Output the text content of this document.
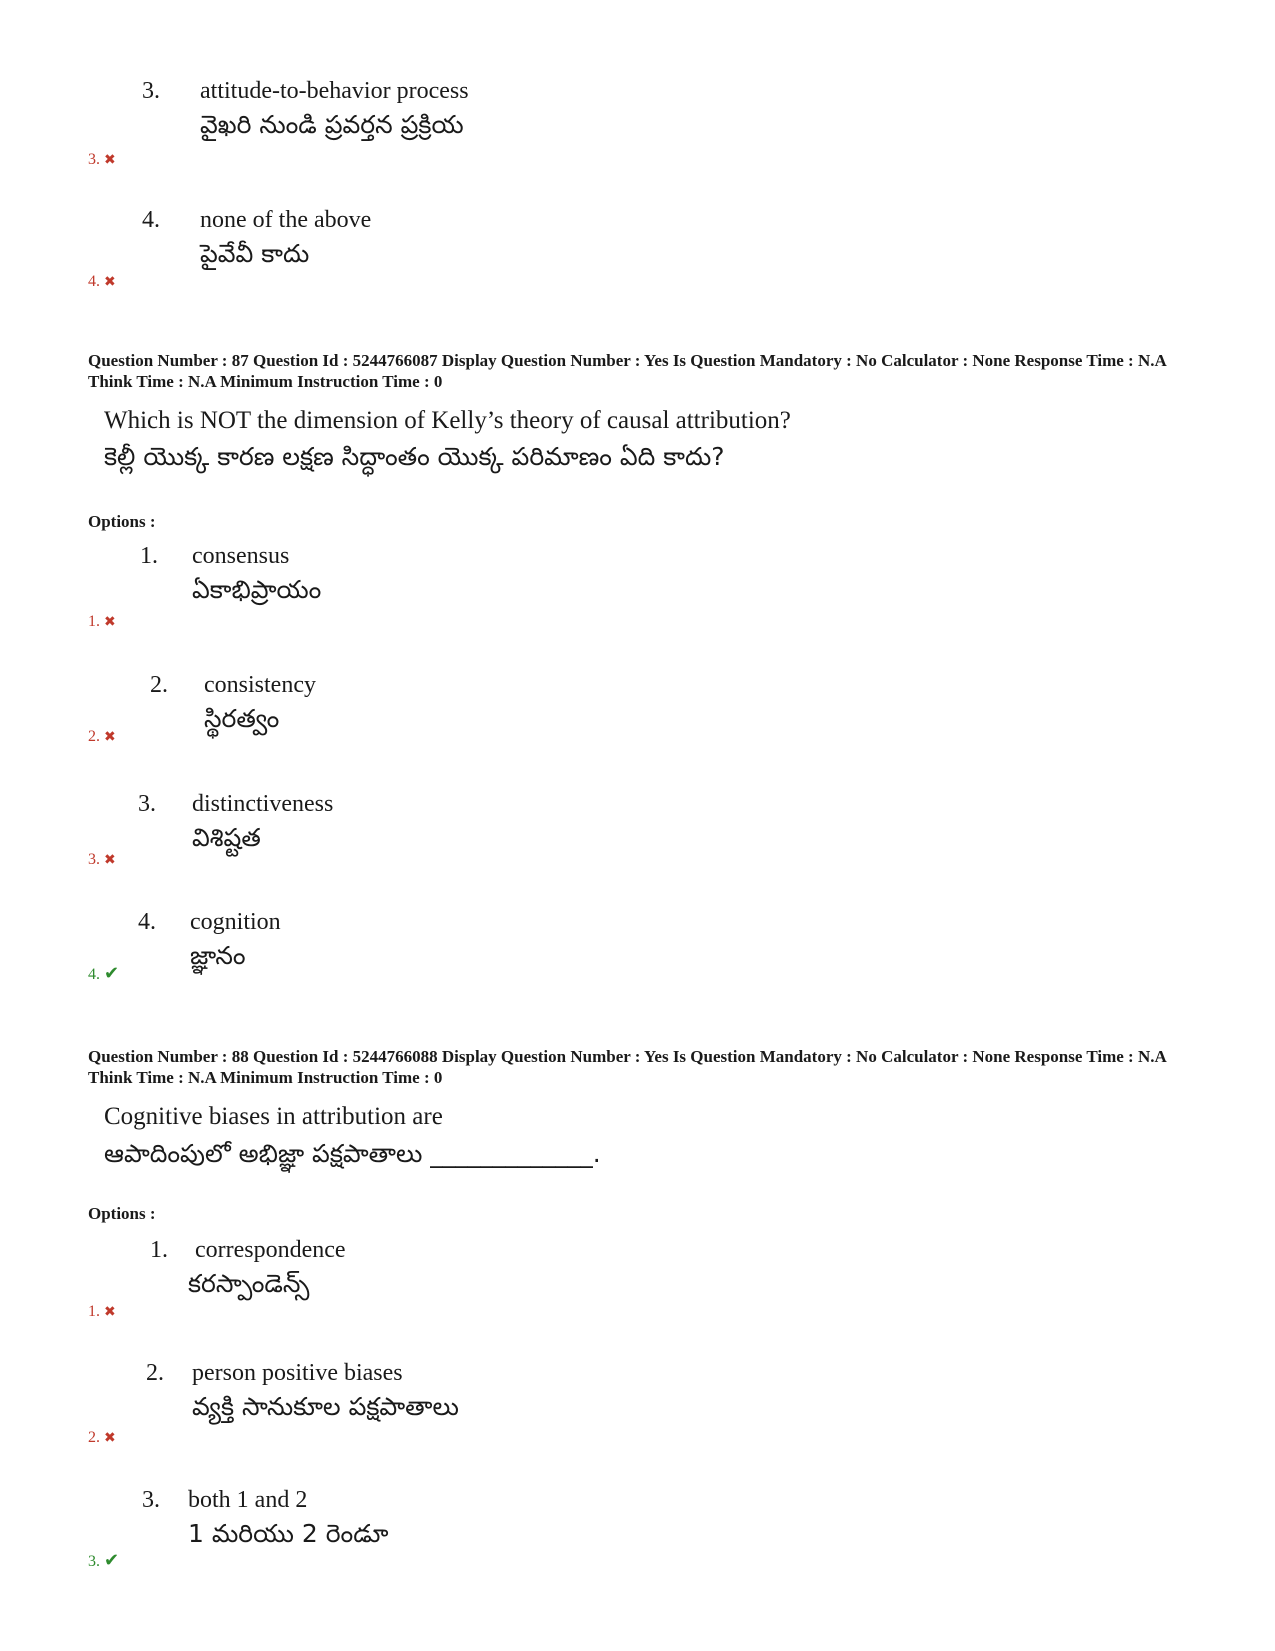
3. attitude-to-behavior process
వైఖరి నుండి ప్రవర్తన ప్రక్రియ
3. ✖
4. none of the above
పైవేవీ కాదు
4. ✖
Question Number : 87 Question Id : 5244766087 Display Question Number : Yes Is Question Mandatory : No Calculator : None Response Time : N.A Think Time : N.A Minimum Instruction Time : 0
Which is NOT the dimension of Kelly’s theory of causal attribution?
కెల్లీ యొక్క కారణ లక్షణ సిద్ధాంతం యొక్క పరిమాణం ఏది కాదు?
Options :
1. consensus
ఏకాభిప్రాయం
1. ✖
2. consistency
స్థిరత్వం
2. ✖
3. distinctiveness
విశిష్టత
3. ✖
4. cognition
జ్ఞానం
4. ✔
Question Number : 88 Question Id : 5244766088 Display Question Number : Yes Is Question Mandatory : No Calculator : None Response Time : N.A Think Time : N.A Minimum Instruction Time : 0
Cognitive biases in attribution are
ఆపాదింపులో అభిజ్ఞా పక్షపాతాలు _____________.
Options :
1. correspondence
కరస్పాండెన్స్
1. ✖
2. person positive biases
వ్యక్తి సానుకూల పక్షపాతాలు
2. ✖
3. both 1 and 2
1 మరియు 2 రెండూ
3. ✔
